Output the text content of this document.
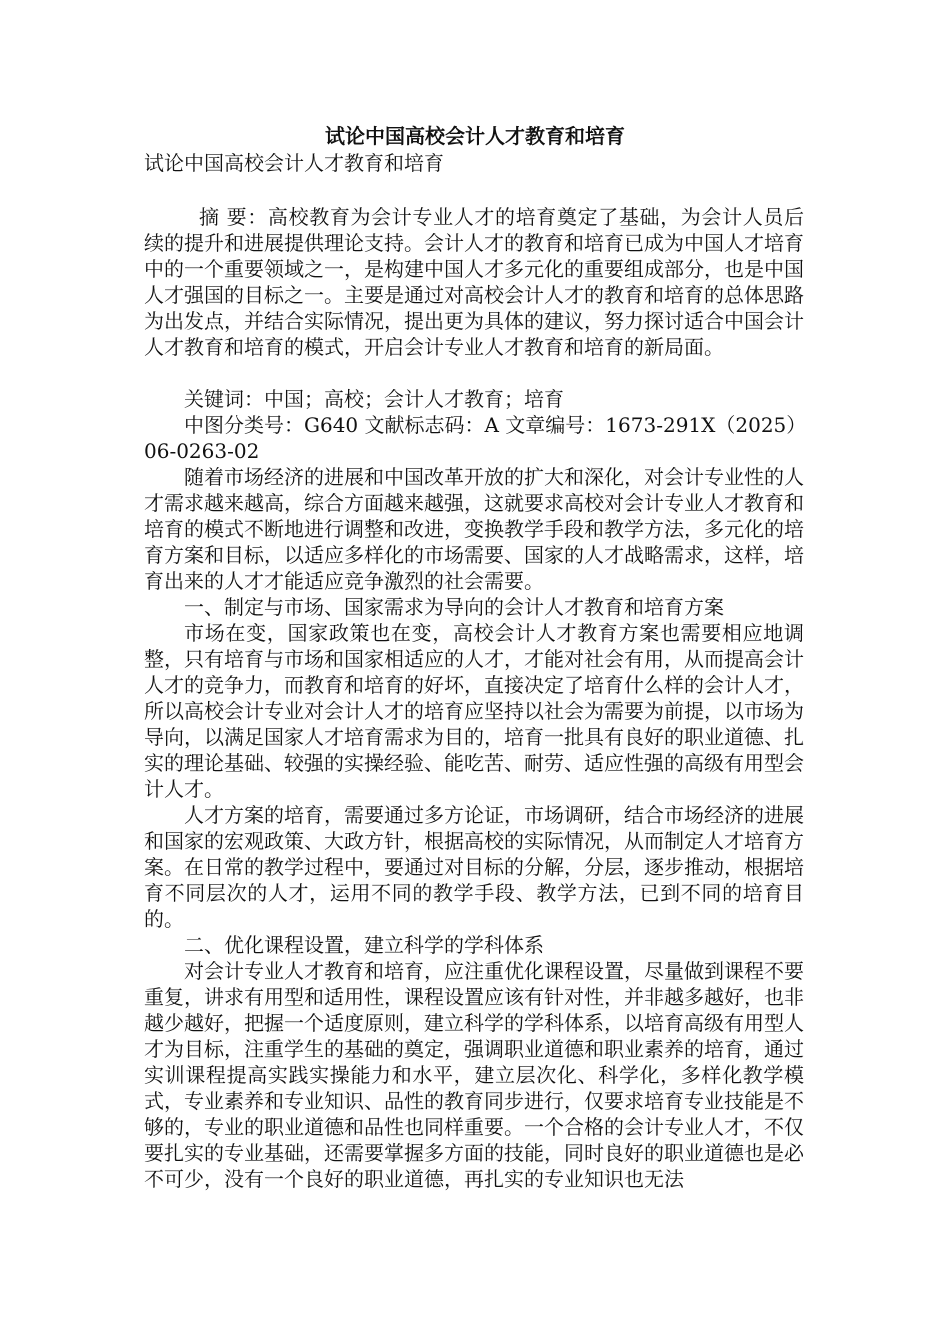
试论中国高校会计人才教育和培育

试论中国高校会计人才教育和培育

摘 要：高校教育为会计专业人才的培育奠定了基础，为会计人员后续的提升和进展提供理论支持。会计人才的教育和培育已成为中国人才培育中的一个重要领域之一，是构建中国人才多元化的重要组成部分，也是中国人才强国的目标之一。主要是通过对高校会计人才的教育和培育的总体思路为出发点，并结合实际情况，提出更为具体的建议，努力探讨适合中国会计人才教育和培育的模式，开启会计专业人才教育和培育的新局面。

关键词：中国；高校；会计人才教育；培育

中图分类号：G640 文献标志码：A 文章编号：1673-291X（2025）06-0263-02

随着市场经济的进展和中国改革开放的扩大和深化，对会计专业性的人才需求越来越高，综合方面越来越强，这就要求高校对会计专业人才教育和培育的模式不断地进行调整和改进，变换教学手段和教学方法，多元化的培育方案和目标，以适应多样化的市场需要、国家的人才战略需求，这样，培育出来的人才才能适应竞争激烈的社会需要。

一、制定与市场、国家需求为导向的会计人才教育和培育方案

市场在变，国家政策也在变，高校会计人才教育方案也需要相应地调整，只有培育与市场和国家相适应的人才，才能对社会有用，从而提高会计人才的竞争力，而教育和培育的好坏，直接决定了培育什么样的会计人才，所以高校会计专业对会计人才的培育应坚持以社会为需要为前提，以市场为导向，以满足国家人才培育需求为目的，培育一批具有良好的职业道德、扎实的理论基础、较强的实操经验、能吃苦、耐劳、适应性强的高级有用型会计人才。

人才方案的培育，需要通过多方论证，市场调研，结合市场经济的进展和国家的宏观政策、大政方针，根据高校的实际情况，从而制定人才培育方案。在日常的教学过程中，要通过对目标的分解，分层，逐步推动，根据培育不同层次的人才，运用不同的教学手段、教学方法，已到不同的培育目的。

二、优化课程设置，建立科学的学科体系

对会计专业人才教育和培育，应注重优化课程设置，尽量做到课程不要重复，讲求有用型和适用性，课程设置应该有针对性，并非越多越好，也非越少越好，把握一个适度原则，建立科学的学科体系，以培育高级有用型人才为目标，注重学生的基础的奠定，强调职业道德和职业素养的培育，通过实训课程提高实践实操能力和水平，建立层次化、科学化，多样化教学模式，专业素养和专业知识、品性的教育同步进行，仅要求培育专业技能是不够的，专业的职业道德和品性也同样重要。一个合格的会计专业人才，不仅要扎实的专业基础，还需要掌握多方面的技能，同时良好的职业道德也是必不可少，没有一个良好的职业道德，再扎实的专业知识也无法
